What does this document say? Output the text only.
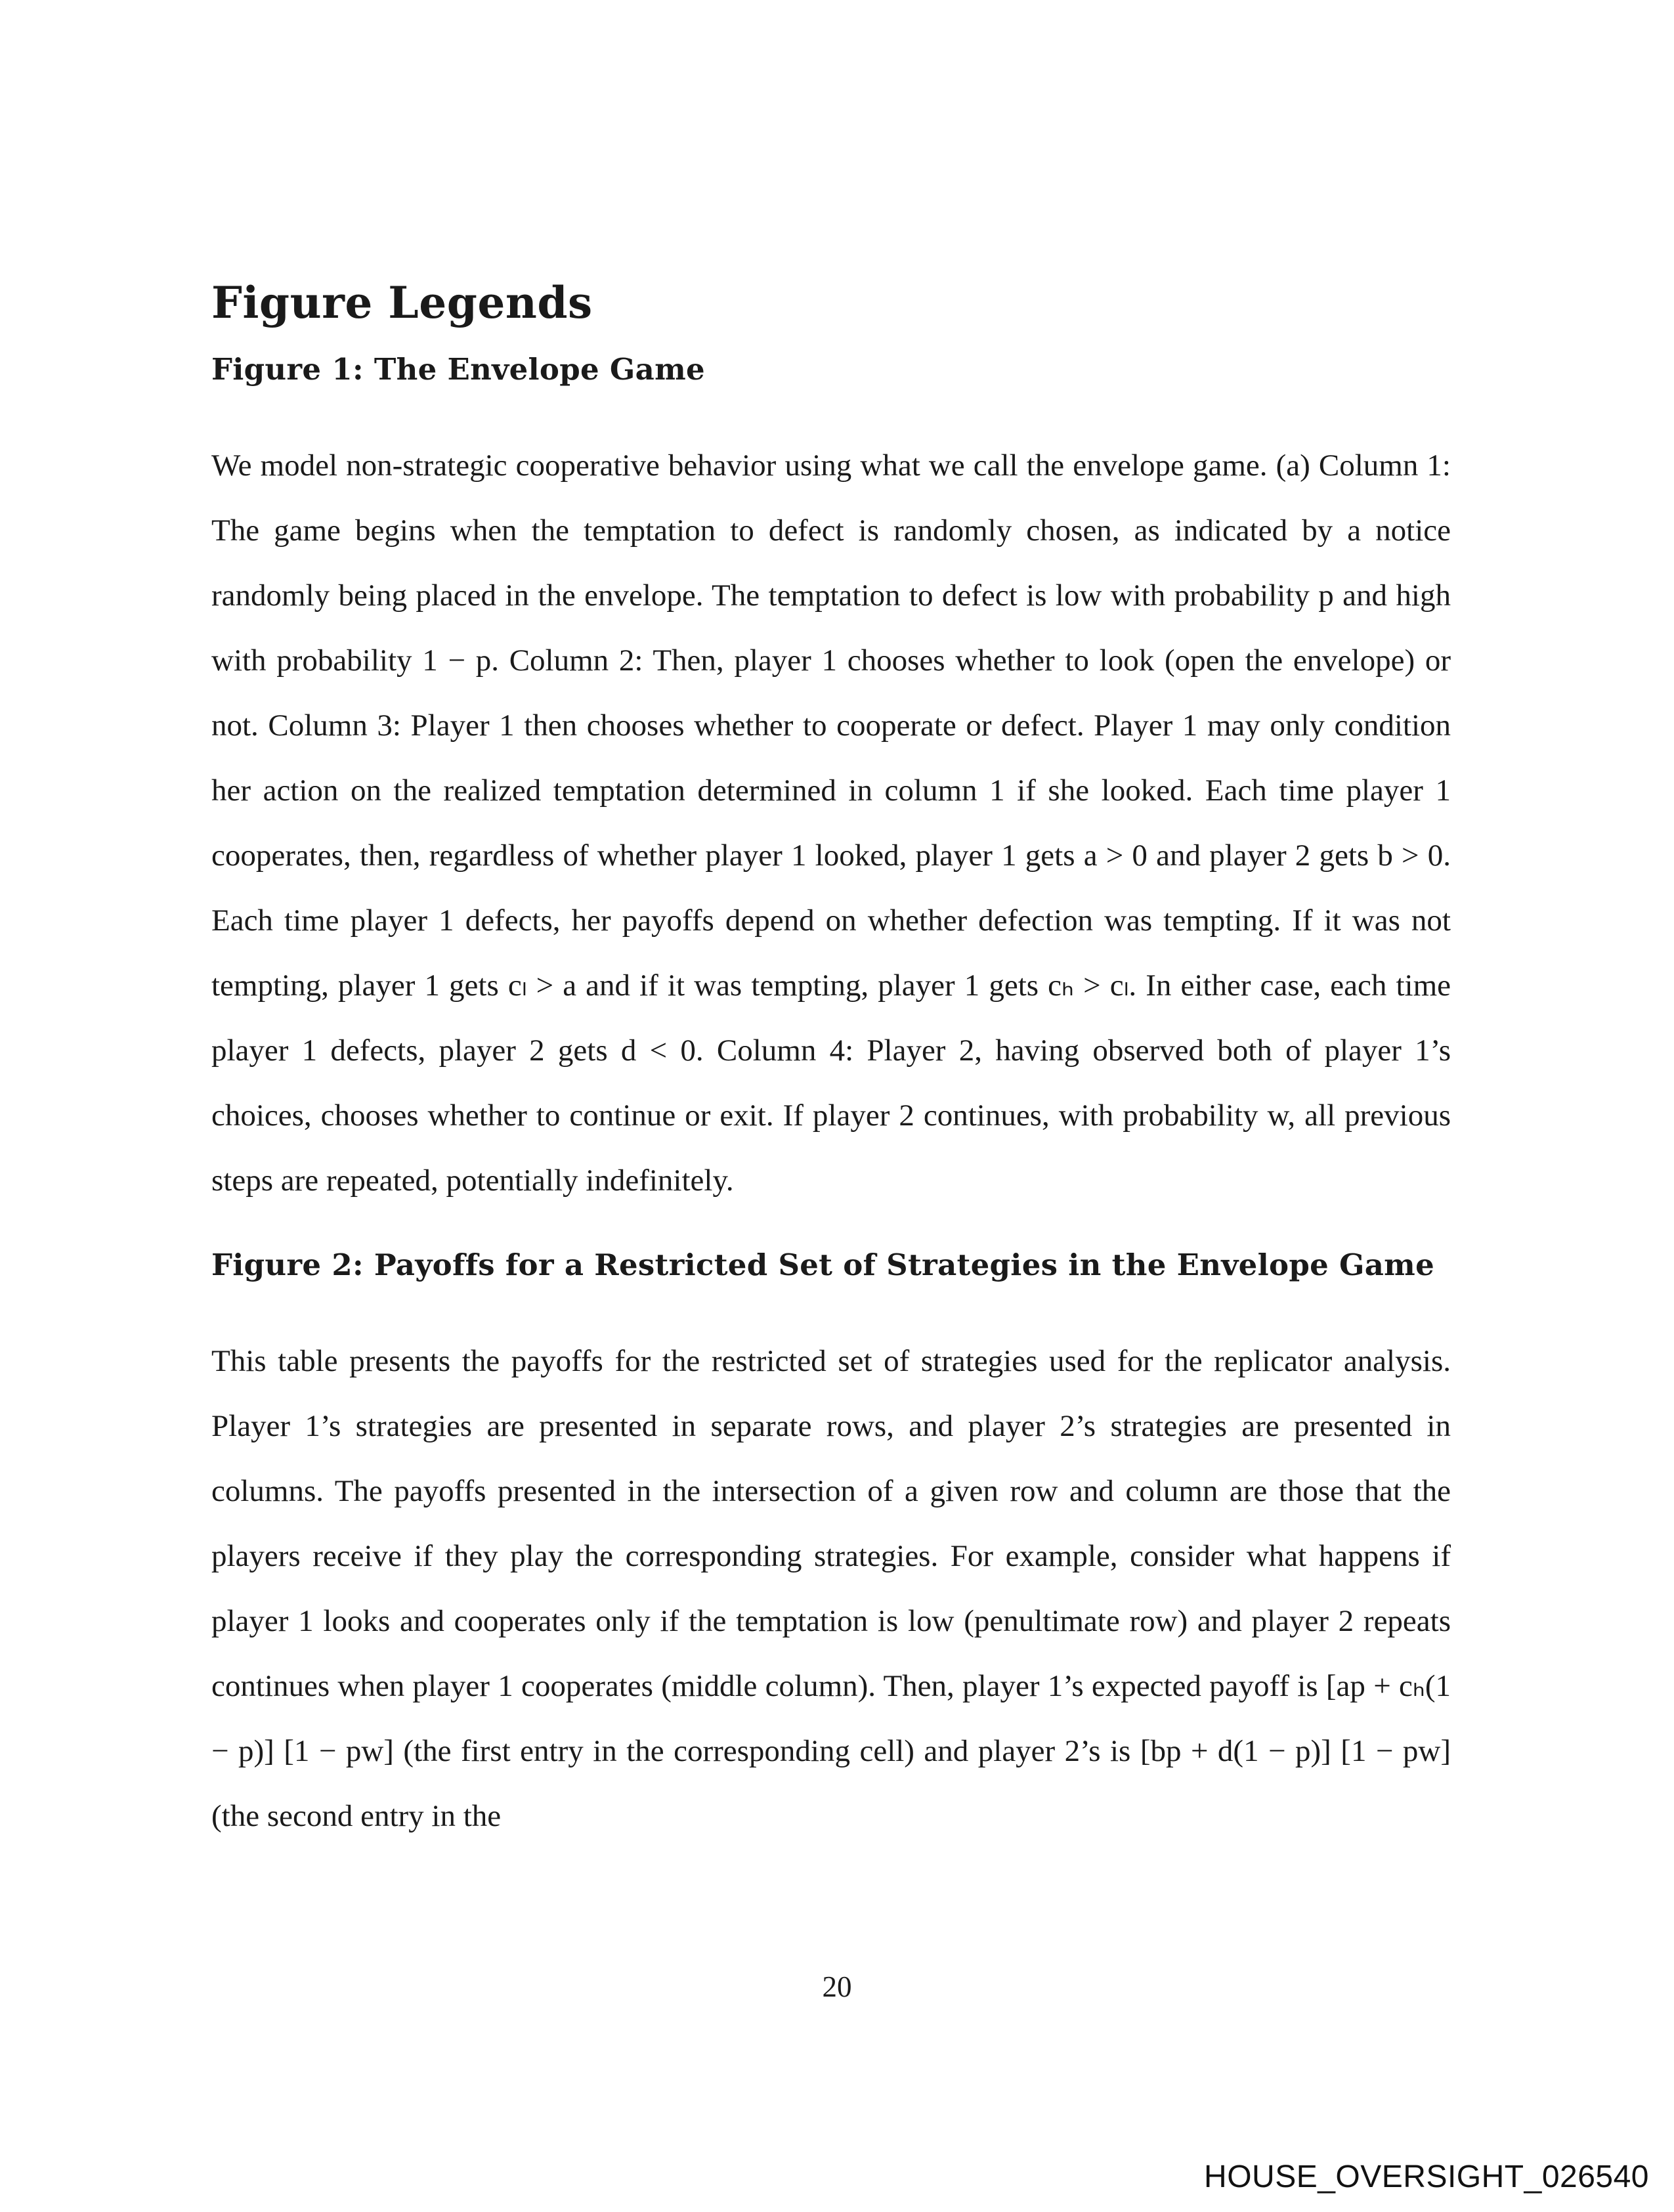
Figure Legends
Figure 1: The Envelope Game

We model non-strategic cooperative behavior using what we call the envelope game. (a) Column 1: The game begins when the temptation to defect is randomly chosen, as indicated by a notice randomly being placed in the envelope. The temptation to defect is low with probability p and high with probability 1 − p. Column 2: Then, player 1 chooses whether to look (open the envelope) or not. Column 3: Player 1 then chooses whether to cooperate or defect. Player 1 may only condition her action on the realized temptation determined in column 1 if she looked. Each time player 1 cooperates, then, regardless of whether player 1 looked, player 1 gets a > 0 and player 2 gets b > 0. Each time player 1 defects, her payoffs depend on whether defection was tempting. If it was not tempting, player 1 gets cₗ > a and if it was tempting, player 1 gets cₕ > cₗ. In either case, each time player 1 defects, player 2 gets d < 0. Column 4: Player 2, having observed both of player 1’s choices, chooses whether to continue or exit. If player 2 continues, with probability w, all previous steps are repeated, potentially indefinitely.

Figure 2: Payoffs for a Restricted Set of Strategies in the Envelope Game

This table presents the payoffs for the restricted set of strategies used for the replicator analysis. Player 1’s strategies are presented in separate rows, and player 2’s strategies are presented in columns. The payoffs presented in the intersection of a given row and column are those that the players receive if they play the corresponding strategies. For example, consider what happens if player 1 looks and cooperates only if the temptation is low (penultimate row) and player 2 repeats continues when player 1 cooperates (middle column). Then, player 1’s expected payoff is [ap + cₕ(1 − p)] [1 − pw] (the first entry in the corresponding cell) and player 2’s is [bp + d(1 − p)] [1 − pw] (the second entry in the

20
HOUSE_OVERSIGHT_026540
